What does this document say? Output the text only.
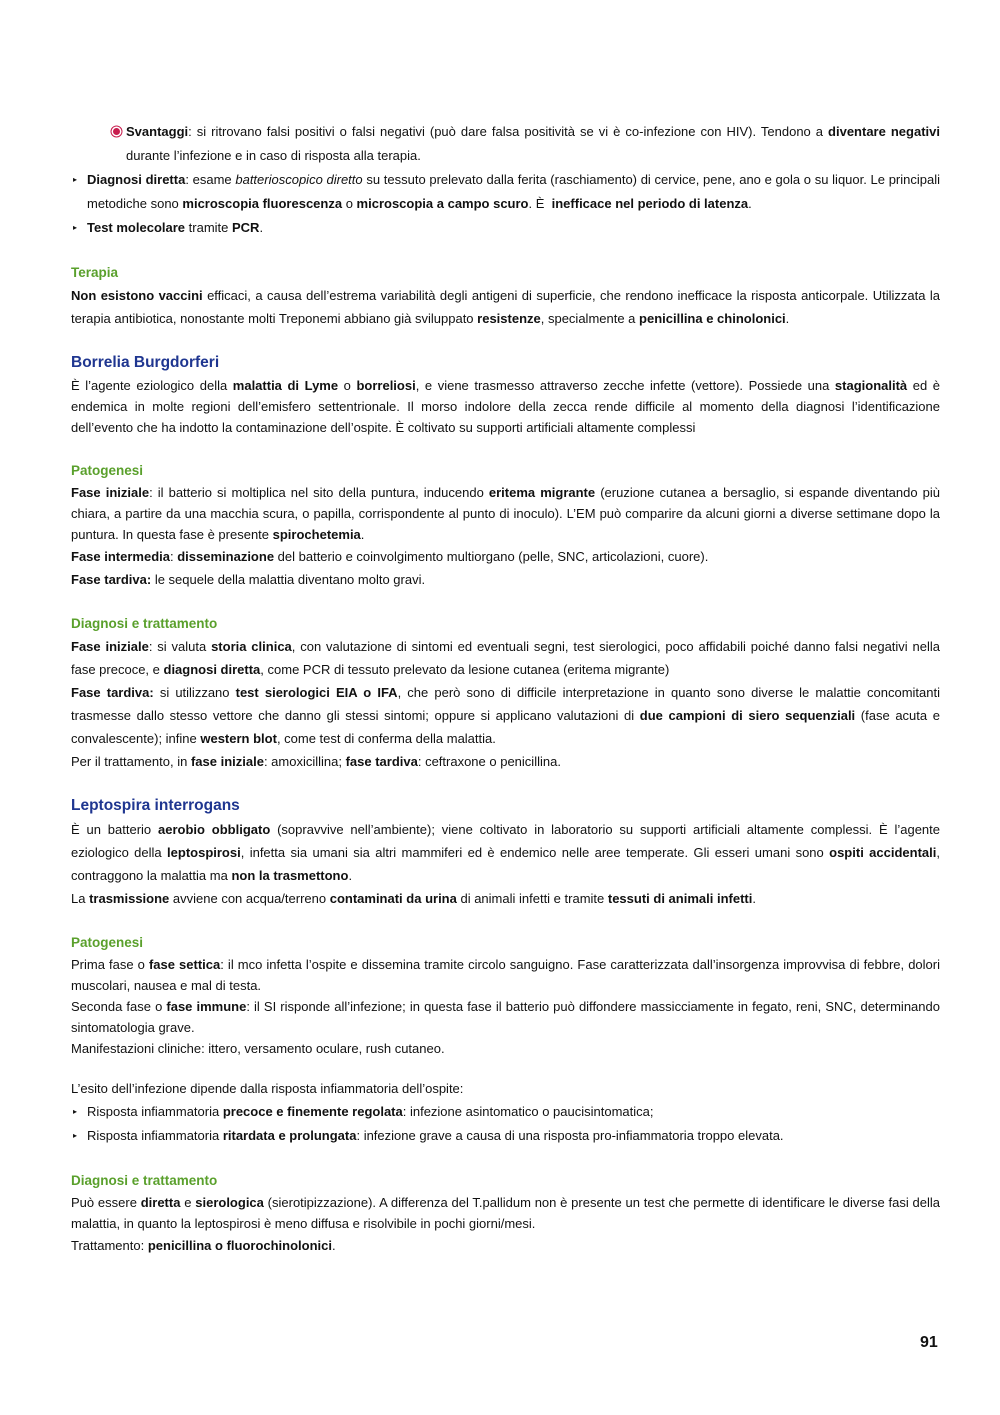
Svantaggi: si ritrovano falsi positivi o falsi negativi (può dare falsa positività se vi è co-infezione con HIV). Tendono a diventare negativi durante l’infezione e in caso di risposta alla terapia.
▸ Diagnosi diretta: esame batterioscopico diretto su tessuto prelevato dalla ferita (raschiamento) di cervice, pene, ano e gola o su liquor. Le principali metodiche sono microscopia fluorescenza o microscopia a campo scuro. È  inefficace nel periodo di latenza.
▸ Test molecolare tramite PCR.
Terapia

Non esistono vaccini efficaci, a causa dell’estrema variabilità degli antigeni di superficie, che rendono inefficace la risposta anticorpale. Utilizzata la terapia antibiotica, nonostante molti Treponemi abbiano già sviluppato resistenze, specialmente a penicillina e chinolonici.

Borrelia Burgdorferi

È l’agente eziologico della malattia di Lyme o borreliosi, e viene trasmesso attraverso zecche infette (vettore). Possiede una stagionalità ed è endemica in molte regioni dell’emisfero settentrionale. Il morso indolore della zecca rende difficile al momento della diagnosi l’identificazione dell’evento che ha indotto la contaminazione dell’ospite. È coltivato su supporti artificiali altamente complessi

Patogenesi

Fase iniziale: il batterio si moltiplica nel sito della puntura, inducendo eritema migrante (eruzione cutanea a bersaglio, si espande diventando più chiara, a partire da una macchia scura, o papilla, corrispondente al punto di inoculo). L’EM può comparire da alcuni giorni a diverse settimane dopo la puntura. In questa fase è presente spirochetemia.

Fase intermedia: disseminazione del batterio e coinvolgimento multiorgano (pelle, SNC, articolazioni, cuore).

Fase tardiva: le sequele della malattia diventano molto gravi.

Diagnosi e trattamento

Fase iniziale: si valuta storia clinica, con valutazione di sintomi ed eventuali segni, test sierologici, poco affidabili poiché danno falsi negativi nella fase precoce, e diagnosi diretta, come PCR di tessuto prelevato da lesione cutanea (eritema migrante)

Fase tardiva: si utilizzano test sierologici EIA o IFA, che però sono di difficile interpretazione in quanto sono diverse le malattie concomitanti trasmesse dallo stesso vettore che danno gli stessi sintomi; oppure si applicano valutazioni di due campioni di siero sequenziali (fase acuta e convalescente); infine western blot, come test di conferma della malattia.

Per il trattamento, in fase iniziale: amoxicillina; fase tardiva: ceftraxone o penicillina.

Leptospira interrogans

È un batterio aerobio obbligato (sopravvive nell’ambiente); viene coltivato in laboratorio su supporti artificiali altamente complessi. È l’agente eziologico della leptospirosi, infetta sia umani sia altri mammiferi ed è endemico nelle aree temperate. Gli esseri umani sono ospiti accidentali, contraggono la malattia ma non la trasmettono.

La trasmissione avviene con acqua/terreno contaminati da urina di animali infetti e tramite tessuti di animali infetti.

Patogenesi

Prima fase o fase settica: il mco infetta l’ospite e dissemina tramite circolo sanguigno. Fase caratterizzata dall’insorgenza improvvisa di febbre, dolori muscolari, nausea e mal di testa.

Seconda fase o fase immune: il SI risponde all’infezione; in questa fase il batterio può diffondere massicciamente in fegato, reni, SNC, determinando sintomatologia grave.

Manifestazioni cliniche: ittero, versamento oculare, rush cutaneo.

L’esito dell’infezione dipende dalla risposta infiammatoria dell’ospite:

▸ Risposta infiammatoria precoce e finemente regolata: infezione asintomatico o paucisintomatica;
▸ Risposta infiammatoria ritardata e prolungata: infezione grave a causa di una risposta pro-infiammatoria troppo elevata.
Diagnosi e trattamento

Può essere diretta e sierologica (sierotipizzazione). A differenza del T.pallidum non è presente un test che permette di identificare le diverse fasi della malattia, in quanto la leptospirosi è meno diffusa e risolvibile in pochi giorni/mesi.

Trattamento: penicillina o fluorochinolonici.

91
